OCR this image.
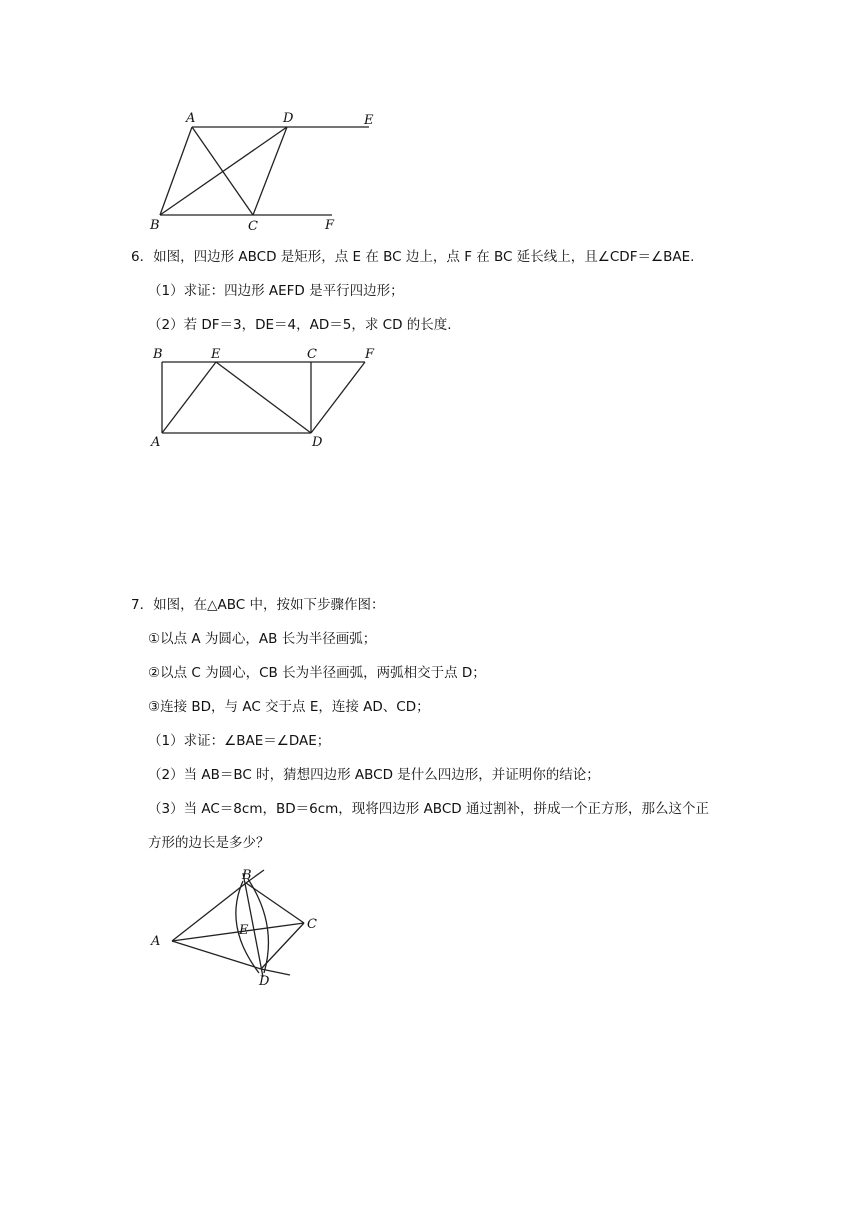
A	D	E
B	C	F
6．如图，四边形 ABCD 是矩形，点 E 在 BC 边上，点 F 在 BC 延长线上，且∠CDF＝∠BAE.
（1）求证：四边形 AEFD 是平行四边形；
（2）若 DF＝3，DE＝4，AD＝5，求 CD 的长度.
B	E	C	F
A	D
7．如图，在△ABC 中，按如下步骤作图：
①以点 A 为圆心，AB 长为半径画弧；
②以点 C 为圆心，CB 长为半径画弧，两弧相交于点 D；
③连接 BD，与 AC 交于点 E，连接 AD、CD；
（1）求证：∠BAE＝∠DAE；
（2）当 AB＝BC 时，猜想四边形 ABCD 是什么四边形，并证明你的结论；
（3）当 AC＝8cm，BD＝6cm，现将四边形 ABCD 通过割补，拼成一个正方形，那么这个正
方形的边长是多少？
B
C
A
E
D
